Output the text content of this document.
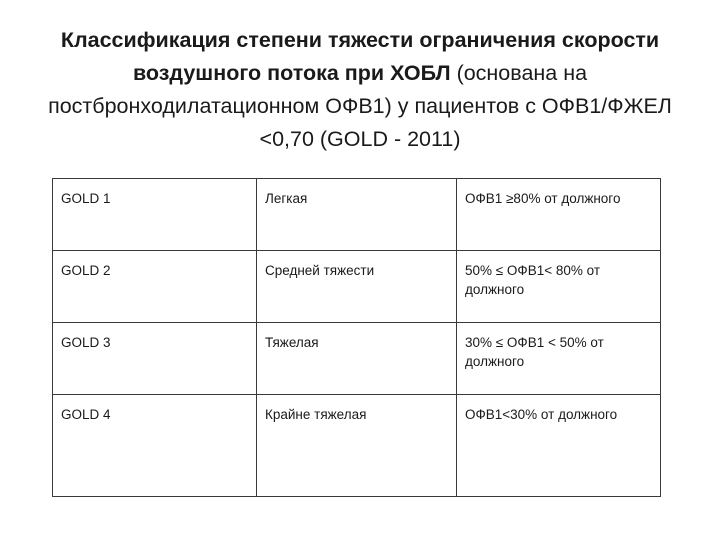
Классификация степени тяжести ограничения скорости воздушного потока при ХОБЛ (основана на постбронходилатационном ОФВ1) у пациентов с ОФВ1/ФЖЕЛ <0,70 (GOLD - 2011)
GOLD 1	Легкая	ОФВ1 ≥80% от должного
GOLD 2	Средней тяжести	50% ≤ ОФВ1< 80% от должного
GOLD 3	Тяжелая	30% ≤ ОФВ1 < 50% от должного
GOLD 4	Крайне тяжелая	ОФВ1<30% от должного
